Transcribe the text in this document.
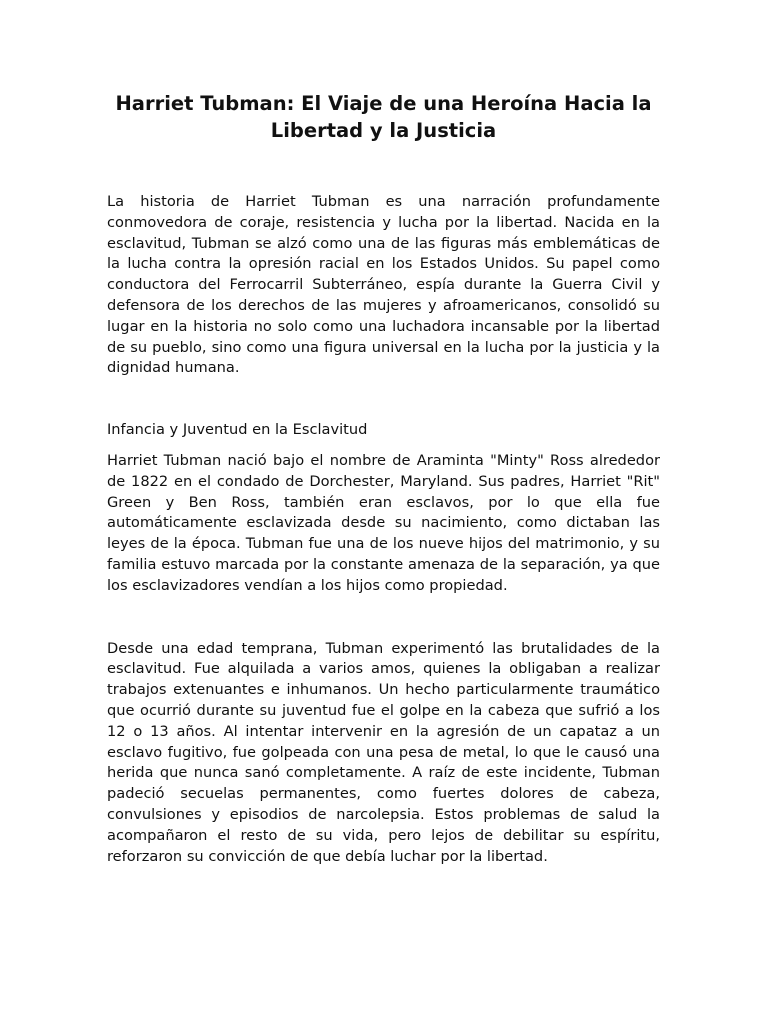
Harriet Tubman: El Viaje de una Heroína Hacia la Libertad y la Justicia

La historia de Harriet Tubman es una narración profundamente conmovedora de coraje, resistencia y lucha por la libertad. Nacida en la esclavitud, Tubman se alzó como una de las figuras más emblemáticas de la lucha contra la opresión racial en los Estados Unidos. Su papel como conductora del Ferrocarril Subterráneo, espía durante la Guerra Civil y defensora de los derechos de las mujeres y afroamericanos, consolidó su lugar en la historia no solo como una luchadora incansable por la libertad de su pueblo, sino como una figura universal en la lucha por la justicia y la dignidad humana.

Infancia y Juventud en la Esclavitud

Harriet Tubman nació bajo el nombre de Araminta "Minty" Ross alrededor de 1822 en el condado de Dorchester, Maryland. Sus padres, Harriet "Rit" Green y Ben Ross, también eran esclavos, por lo que ella fue automáticamente esclavizada desde su nacimiento, como dictaban las leyes de la época. Tubman fue una de los nueve hijos del matrimonio, y su familia estuvo marcada por la constante amenaza de la separación, ya que los esclavizadores vendían a los hijos como propiedad.

Desde una edad temprana, Tubman experimentó las brutalidades de la esclavitud. Fue alquilada a varios amos, quienes la obligaban a realizar trabajos extenuantes e inhumanos. Un hecho particularmente traumático que ocurrió durante su juventud fue el golpe en la cabeza que sufrió a los 12 o 13 años. Al intentar intervenir en la agresión de un capataz a un esclavo fugitivo, fue golpeada con una pesa de metal, lo que le causó una herida que nunca sanó completamente. A raíz de este incidente, Tubman padeció secuelas permanentes, como fuertes dolores de cabeza, convulsiones y episodios de narcolepsia. Estos problemas de salud la acompañaron el resto de su vida, pero lejos de debilitar su espíritu, reforzaron su convicción de que debía luchar por la libertad.
